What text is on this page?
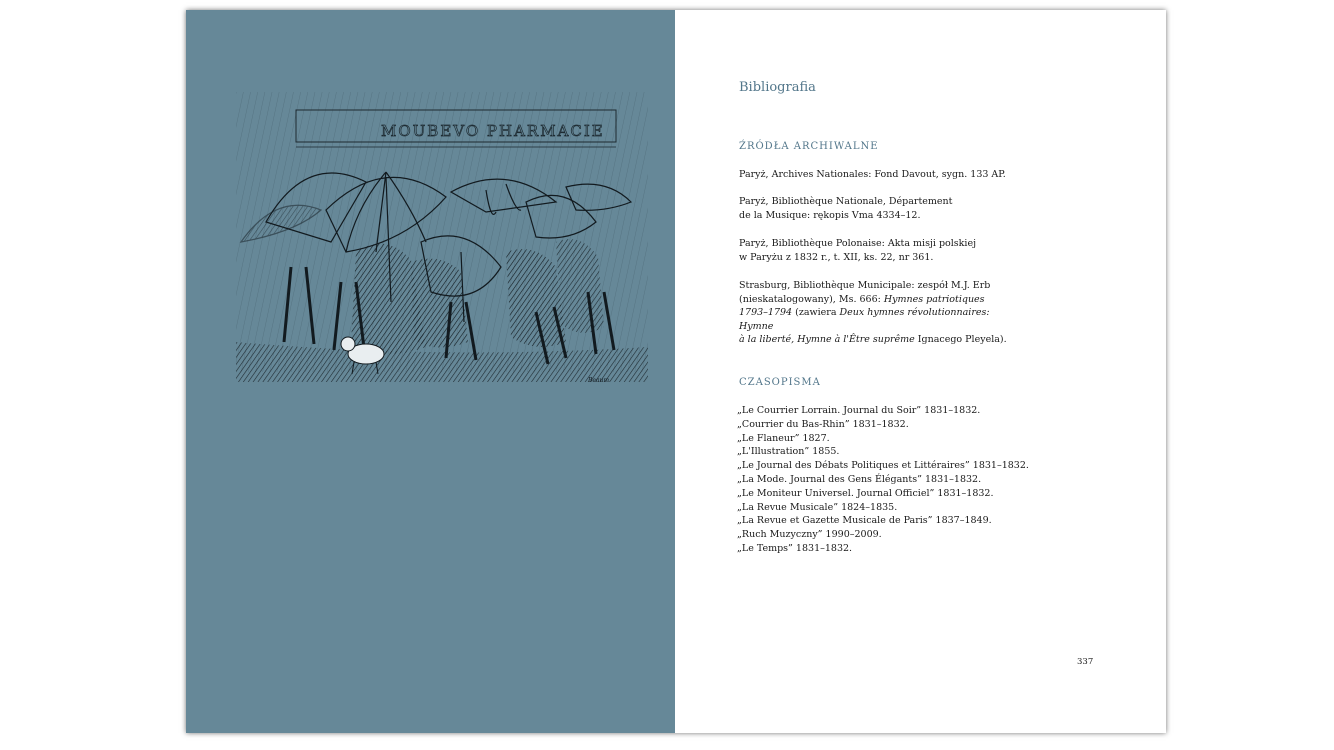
MOUBEVO PHARMACIE
Beaum
Bibliografia
ŹRÓDŁA ARCHIWALNE

Paryż, Archives Nationales: Fond Davout, sygn. 133 AP.

Paryż, Bibliothèque Nationale, Département

de la Musique: rękopis Vma 4334–12.

Paryż, Bibliothèque Polonaise: Akta misji polskiej

w Paryżu z 1832 r., t. XII, ks. 22, nr 361.

Strasburg, Bibliothèque Municipale: zespół M.J. Erb

(nieskatalogowany), Ms. 666: Hymnes patriotiques

1793–1794 (zawiera Deux hymnes révolutionnaires: Hymne

à la liberté, Hymne à l'Être suprême Ignacego Pleyela).

CZASOPISMA
„Le Courrier Lorrain. Journal du Soir” 1831–1832.
„Courrier du Bas-Rhin” 1831–1832.
„Le Flaneur” 1827.
„L'Illustration” 1855.
„Le Journal des Débats Politiques et Littéraires” 1831–1832.
„La Mode. Journal des Gens Élégants” 1831–1832.
„Le Moniteur Universel. Journal Officiel” 1831–1832.
„La Revue Musicale” 1824–1835.
„La Revue et Gazette Musicale de Paris” 1837–1849.
„Ruch Muzyczny” 1990–2009.
„Le Temps” 1831–1832.
337
